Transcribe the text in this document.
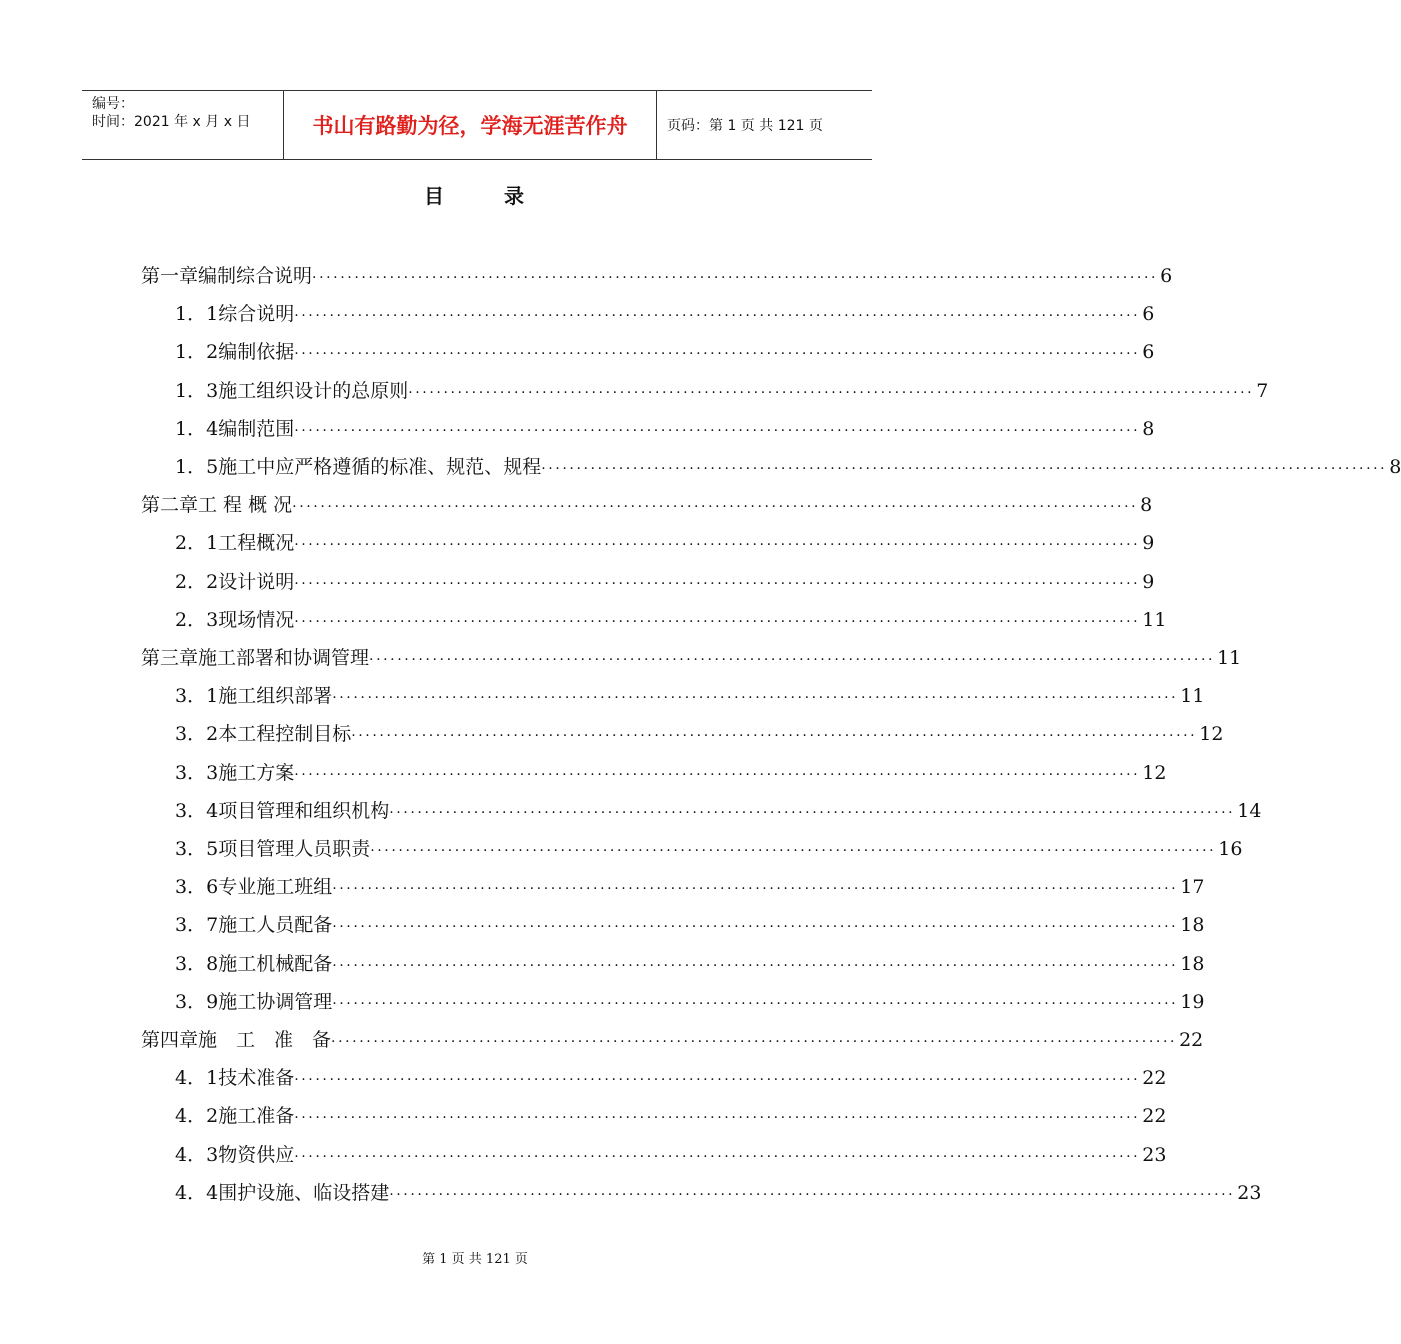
编号：
时间：2021 年 x 月 x 日	书山有路勤为径，学海无涯苦作舟	页码：第 1 页 共 121 页
目	录
第一章 编制综合说明 ........................................................................................................................ 6
1．1 综合说明 ........................................................................................................................ 6
1．2 编制依据 ........................................................................................................................ 6
1．3 施工组织设计的总原则 ........................................................................................................................ 7
1．4 编制范围 ........................................................................................................................ 8
1．5 施工中应严格遵循的标准、规范、规程 ........................................................................................................................ 8
第二章 工 程 概 况 ........................................................................................................................ 8
2．1 工程概况 ........................................................................................................................ 9
2．2 设计说明 ........................................................................................................................ 9
2．3 现场情况 ........................................................................................................................ 11
第三章 施工部署和协调管理 ........................................................................................................................ 11
3．1 施工组织部署 ........................................................................................................................ 11
3．2 本工程控制目标 ........................................................................................................................ 12
3．3 施工方案 ........................................................................................................................ 12
3．4 项目管理和组织机构 ........................................................................................................................ 14
3．5 项目管理人员职责 ........................................................................................................................ 16
3．6 专业施工班组 ........................................................................................................................ 17
3．7 施工人员配备 ........................................................................................................................ 18
3．8 施工机械配备 ........................................................................................................................ 18
3．9 施工协调管理 ........................................................................................................................ 19
第四章 施　工　准　备 ........................................................................................................................ 22
4．1 技术准备 ........................................................................................................................ 22
4．2 施工准备 ........................................................................................................................ 22
4．3 物资供应 ........................................................................................................................ 23
4．4 围护设施、临设搭建 ........................................................................................................................ 23
第 1 页 共 121 页
